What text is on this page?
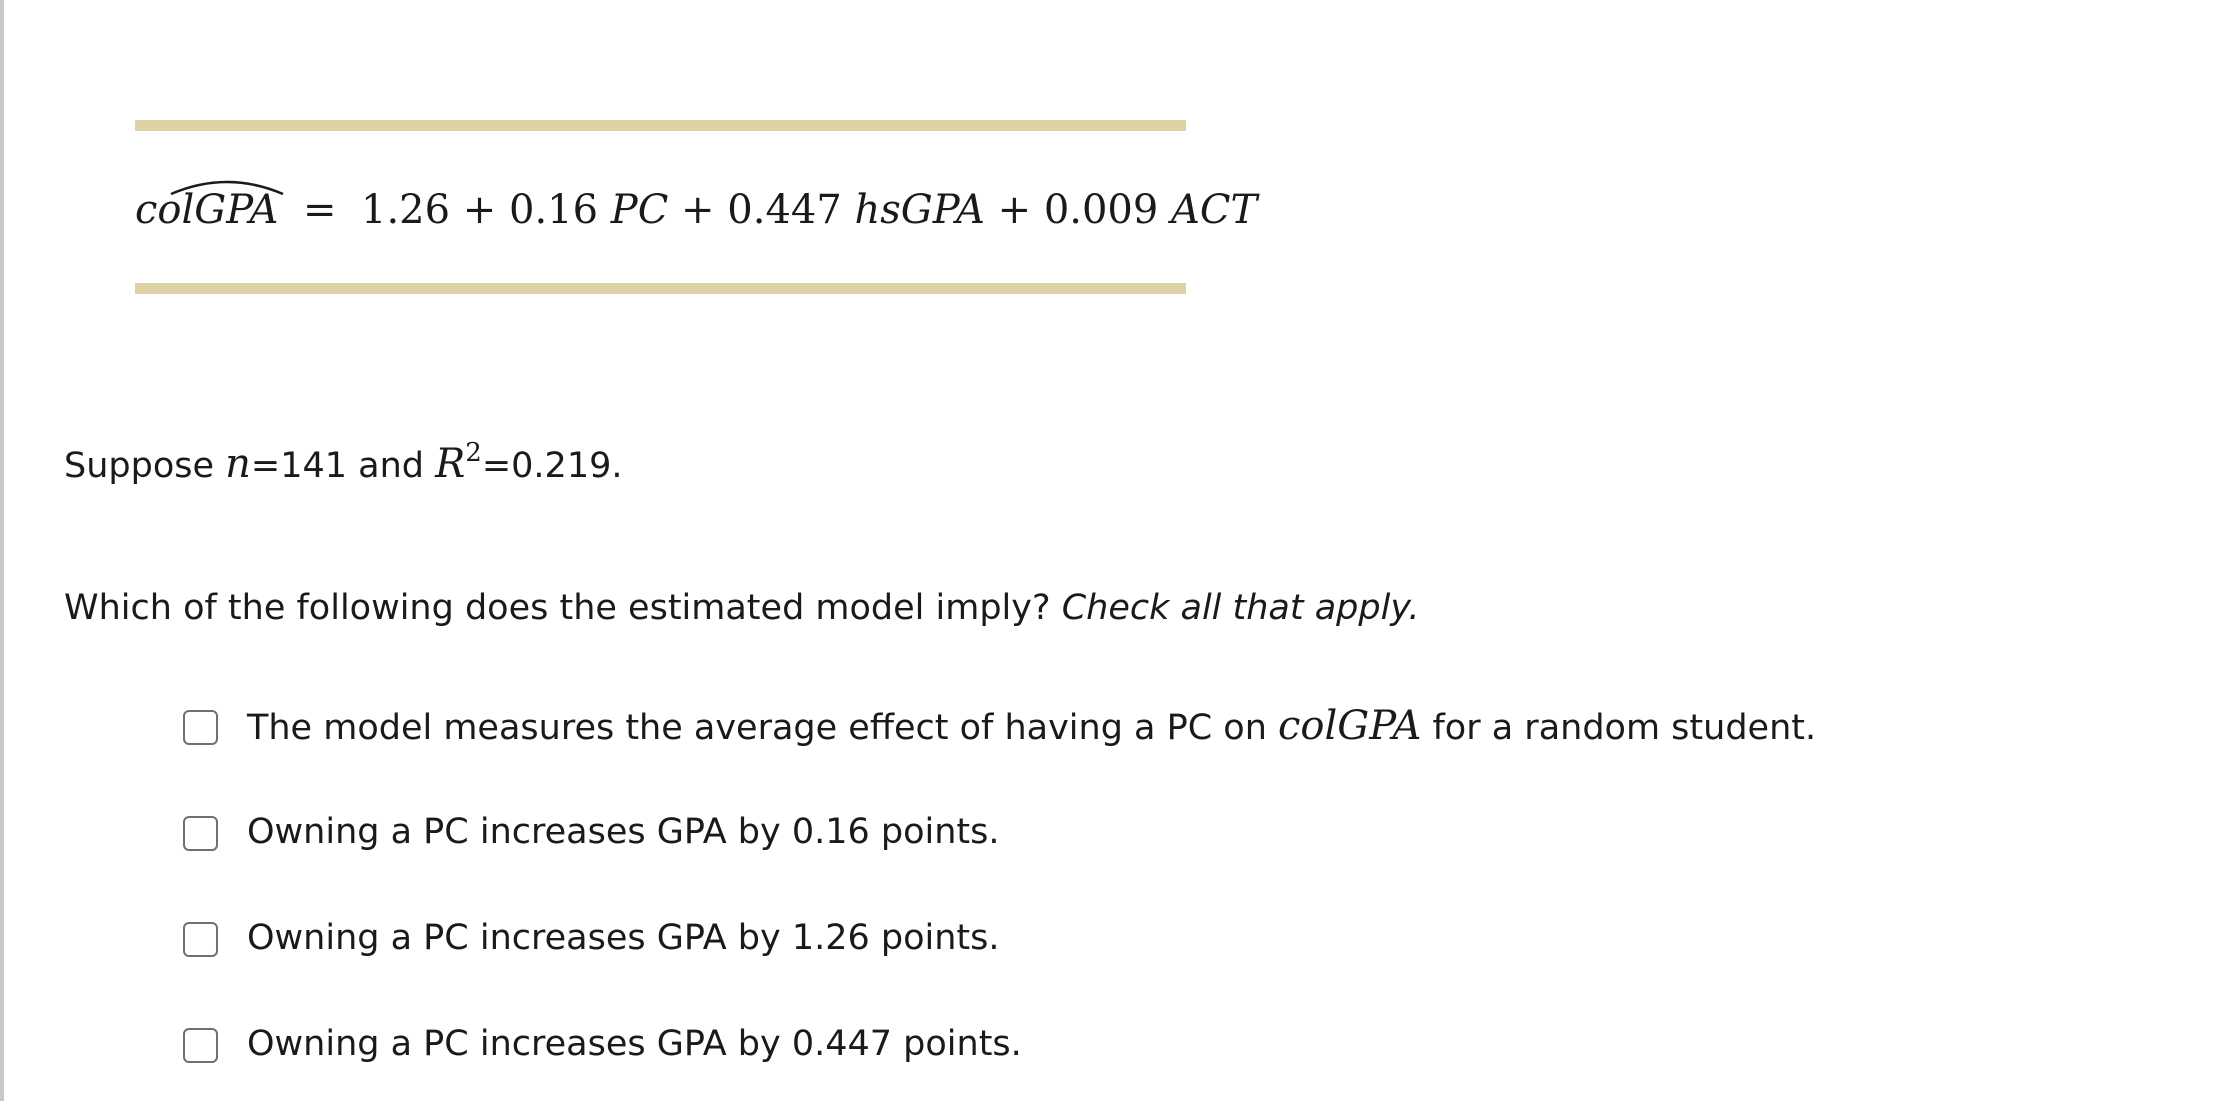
colGPA = 1.26 + 0.16 PC + 0.447 hsGPA + 0.009 ACT
Suppose n=141 and $R^2=0.219$.
Which of the following does the estimated model imply? Check all that apply.
The model measures the average effect of having a PC on colGPA for a random student.
Owning a PC increases GPA by 0.16 points.
Owning a PC increases GPA by 1.26 points.
Owning a PC increases GPA by 0.447 points.
